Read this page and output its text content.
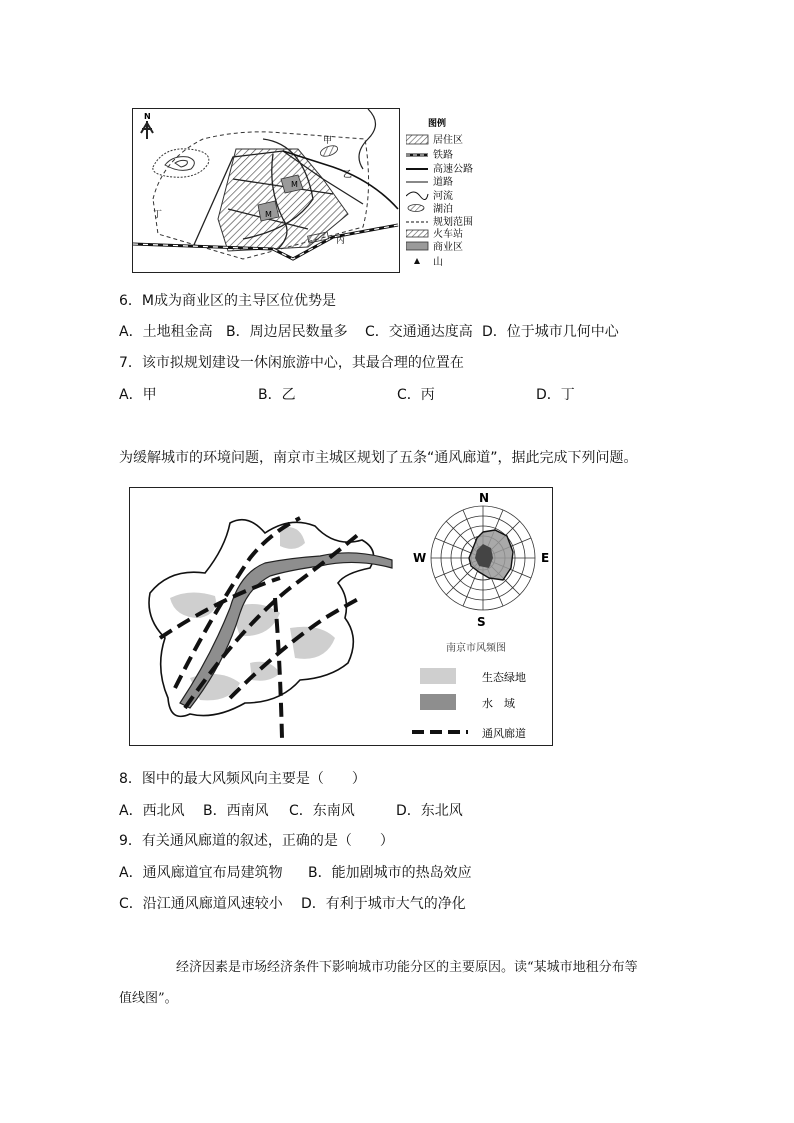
N
甲
乙
丙
丁
M
M
图例
居住区
铁路
高速公路
道路
河流
湖泊
规划范围
火车站
商业区
山
6．M成为商业区的主导区位优势是
A．土地租金高 B．周边居民数量多 C．交通通达度高 D．位于城市几何中心
7．该市拟规划建设一休闲旅游中心，其最合理的位置在
A．甲	B．乙	C．丙	D．丁
为缓解城市的环境问题，南京市主城区规划了五条“通风廊道”，据此完成下列问题。
N
S
W	E
南京市风频图
生态绿地
水　域
通风廊道
8．图中的最大风频风向主要是（　　）
A．西北风 B．西南风 C．东南风	D．东北风
9．有关通风廊道的叙述，正确的是（　　）
A．通风廊道宜布局建筑物 B．能加剧城市的热岛效应
C．沿江通风廊道风速较小 D．有利于城市大气的净化
经济因素是市场经济条件下影响城市功能分区的主要原因。读“某城市地租分布等
值线图”。
